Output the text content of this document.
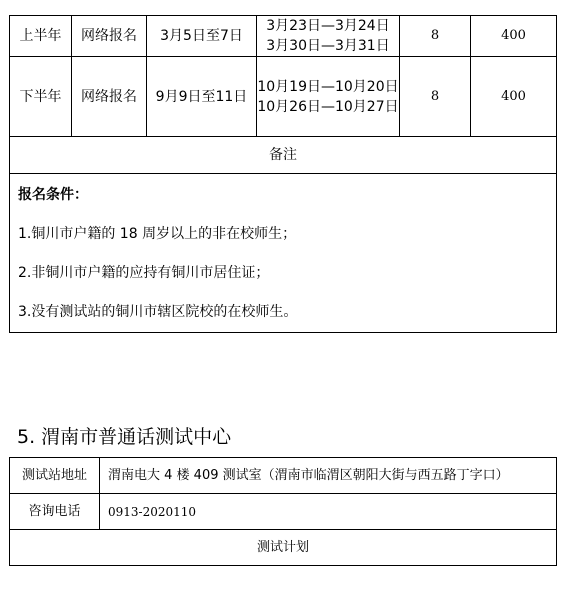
上半年	网络报名	3月5日至7日	3月23日—3月24日
3月30日—3月31日	8	400
下半年	网络报名	9月9日至11日	10月19日—10月20日
10月26日—10月27日	8	400
备注					

报名条件：

1.铜川市户籍的 18 周岁以上的非在校师生；

2.非铜川市户籍的应持有铜川市居住证；

3.没有测试站的铜川市辖区院校的在校师生。					

5. 渭南市普通话测试中心
测试站地址	渭南电大 4 楼 409 测试室（渭南市临渭区朝阳大街与西五路丁字口）
咨询电话	0913-2020110
测试计划	
